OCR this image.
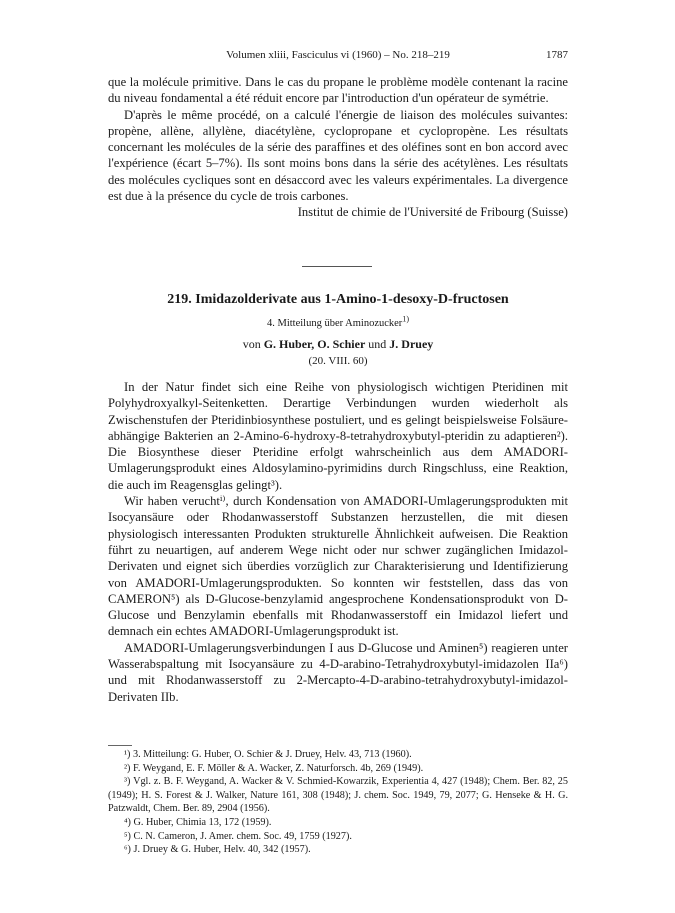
Volumen xliii, Fasciculus vi (1960) – No. 218–219	1787

que la molécule primitive. Dans le cas du propane le problème modèle contenant la racine du niveau fondamental a été réduit encore par l'introduction d'un opérateur de symétrie.

D'après le même procédé, on a calculé l'énergie de liaison des molécules suivantes: propène, allène, allylène, diacétylène, cyclopropane et cyclopropène. Les résultats concernant les molécules de la série des paraffines et des oléfines sont en bon accord avec l'expérience (écart 5–7%). Ils sont moins bons dans la série des acétylènes. Les résultats des molécules cycliques sont en désaccord avec les valeurs expérimentales. La divergence est due à la présence du cycle de trois carbones.

Institut de chimie de l'Université de Fribourg (Suisse)

219. Imidazolderivate aus 1-Amino-1-desoxy-D-fructosen
4. Mitteilung über Aminozucker$^{1)}$
von G. Huber, O. Schier und J. Druey
(20. VIII. 60)

In der Natur findet sich eine Reihe von physiologisch wichtigen Pteridinen mit Polyhydroxyalkyl-Seitenketten. Derartige Verbindungen wurden wiederholt als Zwischenstufen der Pteridinbiosynthese postuliert, und es gelingt beispielsweise Folsäure-abhängige Bakterien an 2-Amino-6-hydroxy-8-tetrahydroxybutyl-pteridin zu adaptieren²). Die Biosynthese dieser Pteridine erfolgt wahrscheinlich aus dem AMADORI-Umlagerungsprodukt eines Aldosylamino-pyrimidins durch Ringschluss, eine Reaktion, die auch im Reagensglas gelingt³).

Wir haben veruchtⁱ⁾, durch Kondensation von AMADORI-Umlagerungsprodukten mit Isocyansäure oder Rhodanwasserstoff Substanzen herzustellen, die mit diesen physiologisch interessanten Produkten strukturelle Ähnlichkeit aufweisen. Die Reaktion führt zu neuartigen, auf anderem Wege nicht oder nur schwer zugänglichen Imidazol-Derivaten und eignet sich überdies vorzüglich zur Charakterisierung und Identifizierung von AMADORI-Umlagerungsprodukten. So konnten wir feststellen, dass das von CAMERON⁵) als D-Glucose-benzylamid angesprochene Kondensationsprodukt von D-Glucose und Benzylamin ebenfalls mit Rhodanwasserstoff ein Imidazol liefert und demnach ein echtes AMADORI-Umlagerungsprodukt ist.

AMADORI-Umlagerungsverbindungen I aus D-Glucose und Aminen⁵) reagieren unter Wasserabspaltung mit Isocyansäure zu 4-D-arabino-Tetrahydroxybutyl-imidazolen IIa⁶) und mit Rhodanwasserstoff zu 2-Mercapto-4-D-arabino-tetrahydroxybutyl-imidazol-Derivaten IIb.

¹) 3. Mitteilung: G. Huber, O. Schier & J. Druey, Helv. 43, 713 (1960).

²) F. Weygand, E. F. Möller & A. Wacker, Z. Naturforsch. 4b, 269 (1949).

³) Vgl. z. B. F. Weygand, A. Wacker & V. Schmied-Kowarzik, Experientia 4, 427 (1948); Chem. Ber. 82, 25 (1949); H. S. Forest & J. Walker, Nature 161, 308 (1948); J. chem. Soc. 1949, 79, 2077; G. Henseke & H. G. Patzwaldt, Chem. Ber. 89, 2904 (1956).

⁴) G. Huber, Chimia 13, 172 (1959).

⁵) C. N. Cameron, J. Amer. chem. Soc. 49, 1759 (1927).

⁶) J. Druey & G. Huber, Helv. 40, 342 (1957).
